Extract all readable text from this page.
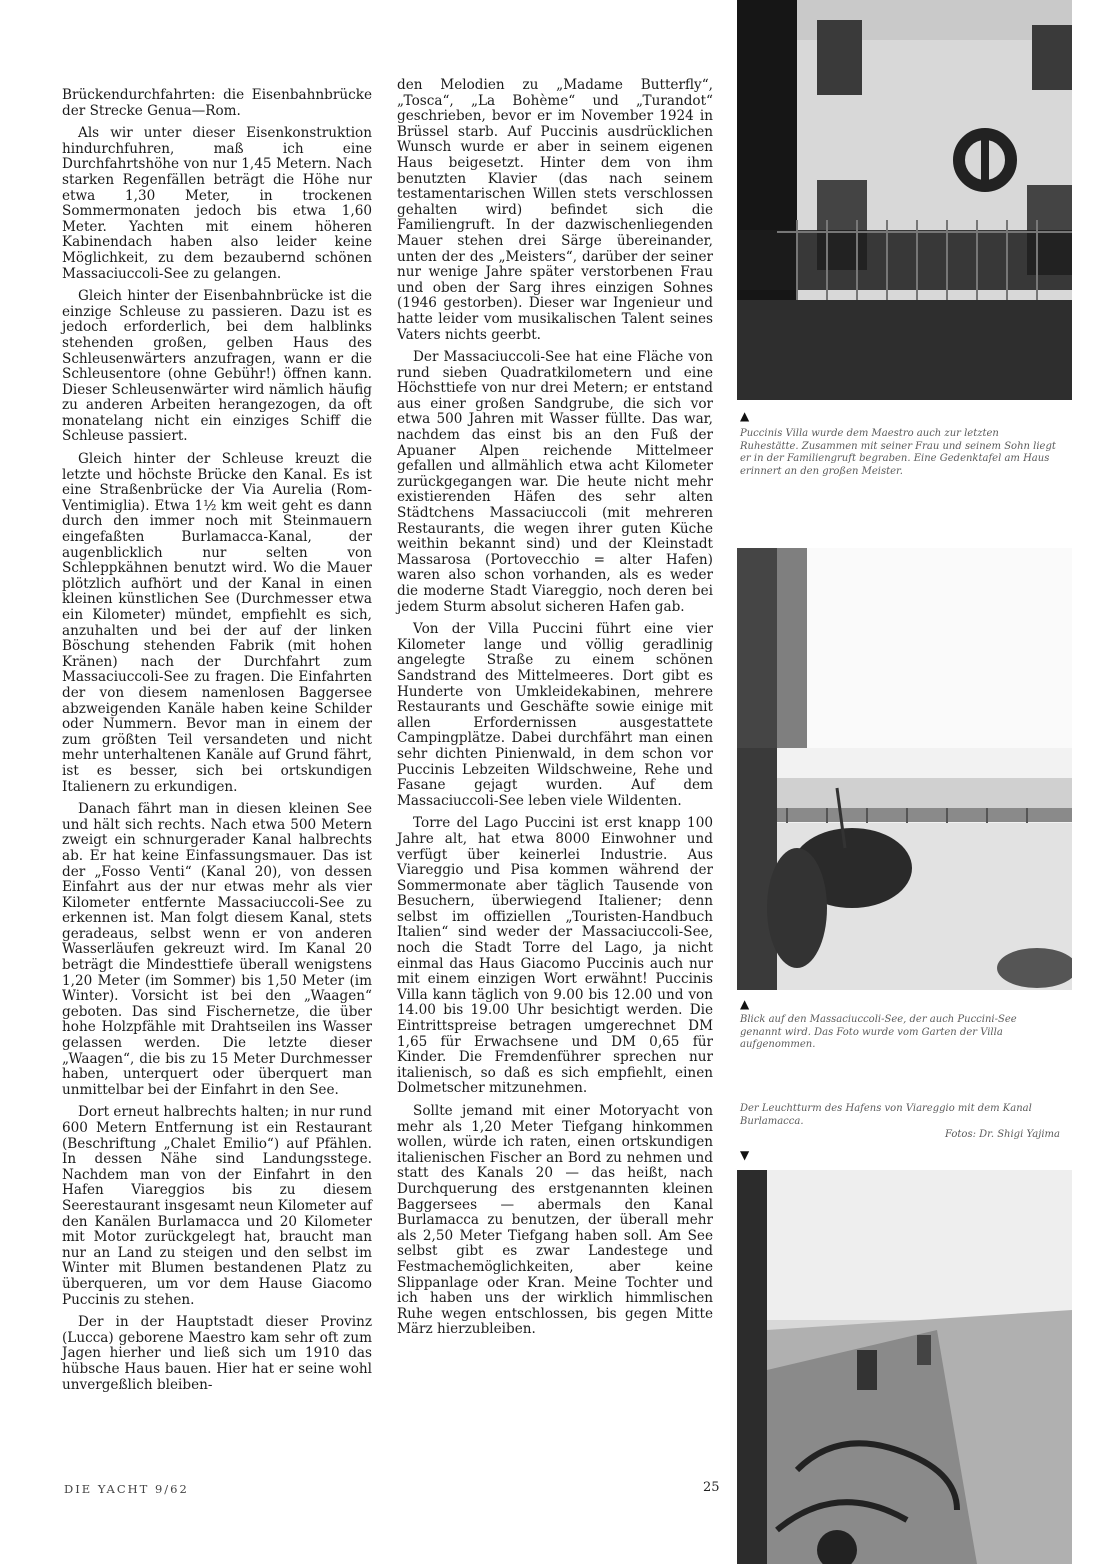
Brückendurchfahrten: die Eisenbahnbrücke der Strecke Genua—Rom.

Als wir unter dieser Eisenkonstruktion hindurchfuhren, maß ich eine Durchfahrtshöhe von nur 1,45 Metern. Nach starken Regenfällen beträgt die Höhe nur etwa 1,30 Meter, in trockenen Sommermonaten jedoch bis etwa 1,60 Meter. Yachten mit einem höheren Kabinendach haben also leider keine Möglichkeit, zu dem bezaubernd schönen Massaciuccoli-See zu gelangen.

Gleich hinter der Eisenbahnbrücke ist die einzige Schleuse zu passieren. Dazu ist es jedoch erforderlich, bei dem halblinks stehenden großen, gelben Haus des Schleusenwärters anzufragen, wann er die Schleusentore (ohne Gebühr!) öffnen kann. Dieser Schleusenwärter wird nämlich häufig zu anderen Arbeiten herangezogen, da oft monatelang nicht ein einziges Schiff die Schleuse passiert.

Gleich hinter der Schleuse kreuzt die letzte und höchste Brücke den Kanal. Es ist eine Straßenbrücke der Via Aurelia (Rom-Ventimiglia). Etwa 1½ km weit geht es dann durch den immer noch mit Steinmauern eingefaßten Burlamacca-Kanal, der augenblicklich nur selten von Schleppkähnen benutzt wird. Wo die Mauer plötzlich aufhört und der Kanal in einen kleinen künstlichen See (Durchmesser etwa ein Kilometer) mündet, empfiehlt es sich, anzuhalten und bei der auf der linken Böschung stehenden Fabrik (mit hohen Kränen) nach der Durchfahrt zum Massaciuccoli-See zu fragen. Die Einfahrten der von diesem namenlosen Baggersee abzweigenden Kanäle haben keine Schilder oder Nummern. Bevor man in einem der zum größten Teil versandeten und nicht mehr unterhaltenen Kanäle auf Grund fährt, ist es besser, sich bei ortskundigen Italienern zu erkundigen.

Danach fährt man in diesen kleinen See und hält sich rechts. Nach etwa 500 Metern zweigt ein schnurgerader Kanal halbrechts ab. Er hat keine Einfassungsmauer. Das ist der „Fosso Venti“ (Kanal 20), von dessen Einfahrt aus der nur etwas mehr als vier Kilometer entfernte Massaciuccoli-See zu erkennen ist. Man folgt diesem Kanal, stets geradeaus, selbst wenn er von anderen Wasserläufen gekreuzt wird. Im Kanal 20 beträgt die Mindesttiefe überall wenigstens 1,20 Meter (im Sommer) bis 1,50 Meter (im Winter). Vorsicht ist bei den „Waagen“ geboten. Das sind Fischernetze, die über hohe Holzpfähle mit Drahtseilen ins Wasser gelassen werden. Die letzte dieser „Waagen“, die bis zu 15 Meter Durchmesser haben, unterquert oder überquert man unmittelbar bei der Einfahrt in den See.

Dort erneut halbrechts halten; in nur rund 600 Metern Entfernung ist ein Restaurant (Beschriftung „Chalet Emilio“) auf Pfählen. In dessen Nähe sind Landungsstege. Nachdem man von der Einfahrt in den Hafen Viareggios bis zu diesem Seerestaurant insgesamt neun Kilometer auf den Kanälen Burlamacca und 20 Kilometer mit Motor zurückgelegt hat, braucht man nur an Land zu steigen und den selbst im Winter mit Blumen bestandenen Platz zu überqueren, um vor dem Hause Giacomo Puccinis zu stehen.

Der in der Hauptstadt dieser Provinz (Lucca) geborene Maestro kam sehr oft zum Jagen hierher und ließ sich um 1910 das hübsche Haus bauen. Hier hat er seine wohl unvergeßlich bleiben-

den Melodien zu „Madame Butterfly“, „Tosca“, „La Bohème“ und „Turandot“ geschrieben, bevor er im November 1924 in Brüssel starb. Auf Puccinis ausdrücklichen Wunsch wurde er aber in seinem eigenen Haus beigesetzt. Hinter dem von ihm benutzten Klavier (das nach seinem testamentarischen Willen stets verschlossen gehalten wird) befindet sich die Familiengruft. In der dazwischenliegenden Mauer stehen drei Särge übereinander, unten der des „Meisters“, darüber der seiner nur wenige Jahre später verstorbenen Frau und oben der Sarg ihres einzigen Sohnes (1946 gestorben). Dieser war Ingenieur und hatte leider vom musikalischen Talent seines Vaters nichts geerbt.

Der Massaciuccoli-See hat eine Fläche von rund sieben Quadratkilometern und eine Höchsttiefe von nur drei Metern; er entstand aus einer großen Sandgrube, die sich vor etwa 500 Jahren mit Wasser füllte. Das war, nachdem das einst bis an den Fuß der Apuaner Alpen reichende Mittelmeer gefallen und allmählich etwa acht Kilometer zurückgegangen war. Die heute nicht mehr existierenden Häfen des sehr alten Städtchens Massaciuccoli (mit mehreren Restaurants, die wegen ihrer guten Küche weithin bekannt sind) und der Kleinstadt Massarosa (Portovecchio = alter Hafen) waren also schon vorhanden, als es weder die moderne Stadt Viareggio, noch deren bei jedem Sturm absolut sicheren Hafen gab.

Von der Villa Puccini führt eine vier Kilometer lange und völlig geradlinig angelegte Straße zu einem schönen Sandstrand des Mittelmeeres. Dort gibt es Hunderte von Umkleidekabinen, mehrere Restaurants und Geschäfte sowie einige mit allen Erfordernissen ausgestattete Campingplätze. Dabei durchfährt man einen sehr dichten Pinienwald, in dem schon vor Puccinis Lebzeiten Wildschweine, Rehe und Fasane gejagt wurden. Auf dem Massaciuccoli-See leben viele Wildenten.

Torre del Lago Puccini ist erst knapp 100 Jahre alt, hat etwa 8000 Einwohner und verfügt über keinerlei Industrie. Aus Viareggio und Pisa kommen während der Sommermonate aber täglich Tausende von Besuchern, überwiegend Italiener; denn selbst im offiziellen „Touristen-Handbuch Italien“ sind weder der Massaciuccoli-See, noch die Stadt Torre del Lago, ja nicht einmal das Haus Giacomo Puccinis auch nur mit einem einzigen Wort erwähnt! Puccinis Villa kann täglich von 9.00 bis 12.00 und von 14.00 bis 19.00 Uhr besichtigt werden. Die Eintrittspreise betragen umgerechnet DM 1,65 für Erwachsene und DM 0,65 für Kinder. Die Fremdenführer sprechen nur italienisch, so daß es sich empfiehlt, einen Dolmetscher mitzunehmen.

Sollte jemand mit einer Motoryacht von mehr als 1,20 Meter Tiefgang hinkommen wollen, würde ich raten, einen ortskundigen italienischen Fischer an Bord zu nehmen und statt des Kanals 20 — das heißt, nach Durchquerung des erstgenannten kleinen Baggersees — abermals den Kanal Burlamacca zu benutzen, der überall mehr als 2,50 Meter Tiefgang haben soll. Am See selbst gibt es zwar Landestege und Festmachemöglichkeiten, aber keine Slippanlage oder Kran. Meine Tochter und ich haben uns der wirklich himmlischen Ruhe wegen entschlossen, bis gegen Mitte März hierzubleiben.

▲
Puccinis Villa wurde dem Maestro auch zur letzten Ruhestätte. Zusammen mit seiner Frau und seinem Sohn liegt er in der Familiengruft begraben. Eine Gedenktafel am Haus erinnert an den großen Meister.
▲
Blick auf den Massaciuccoli-See, der auch Puccini-See genannt wird. Das Foto wurde vom Garten der Villa aufgenommen.
Der Leuchtturm des Hafens von Viareggio mit dem Kanal Burlamacca.
Fotos: Dr. Shigi Yajima
▼
DIE YACHT 9/62	25
